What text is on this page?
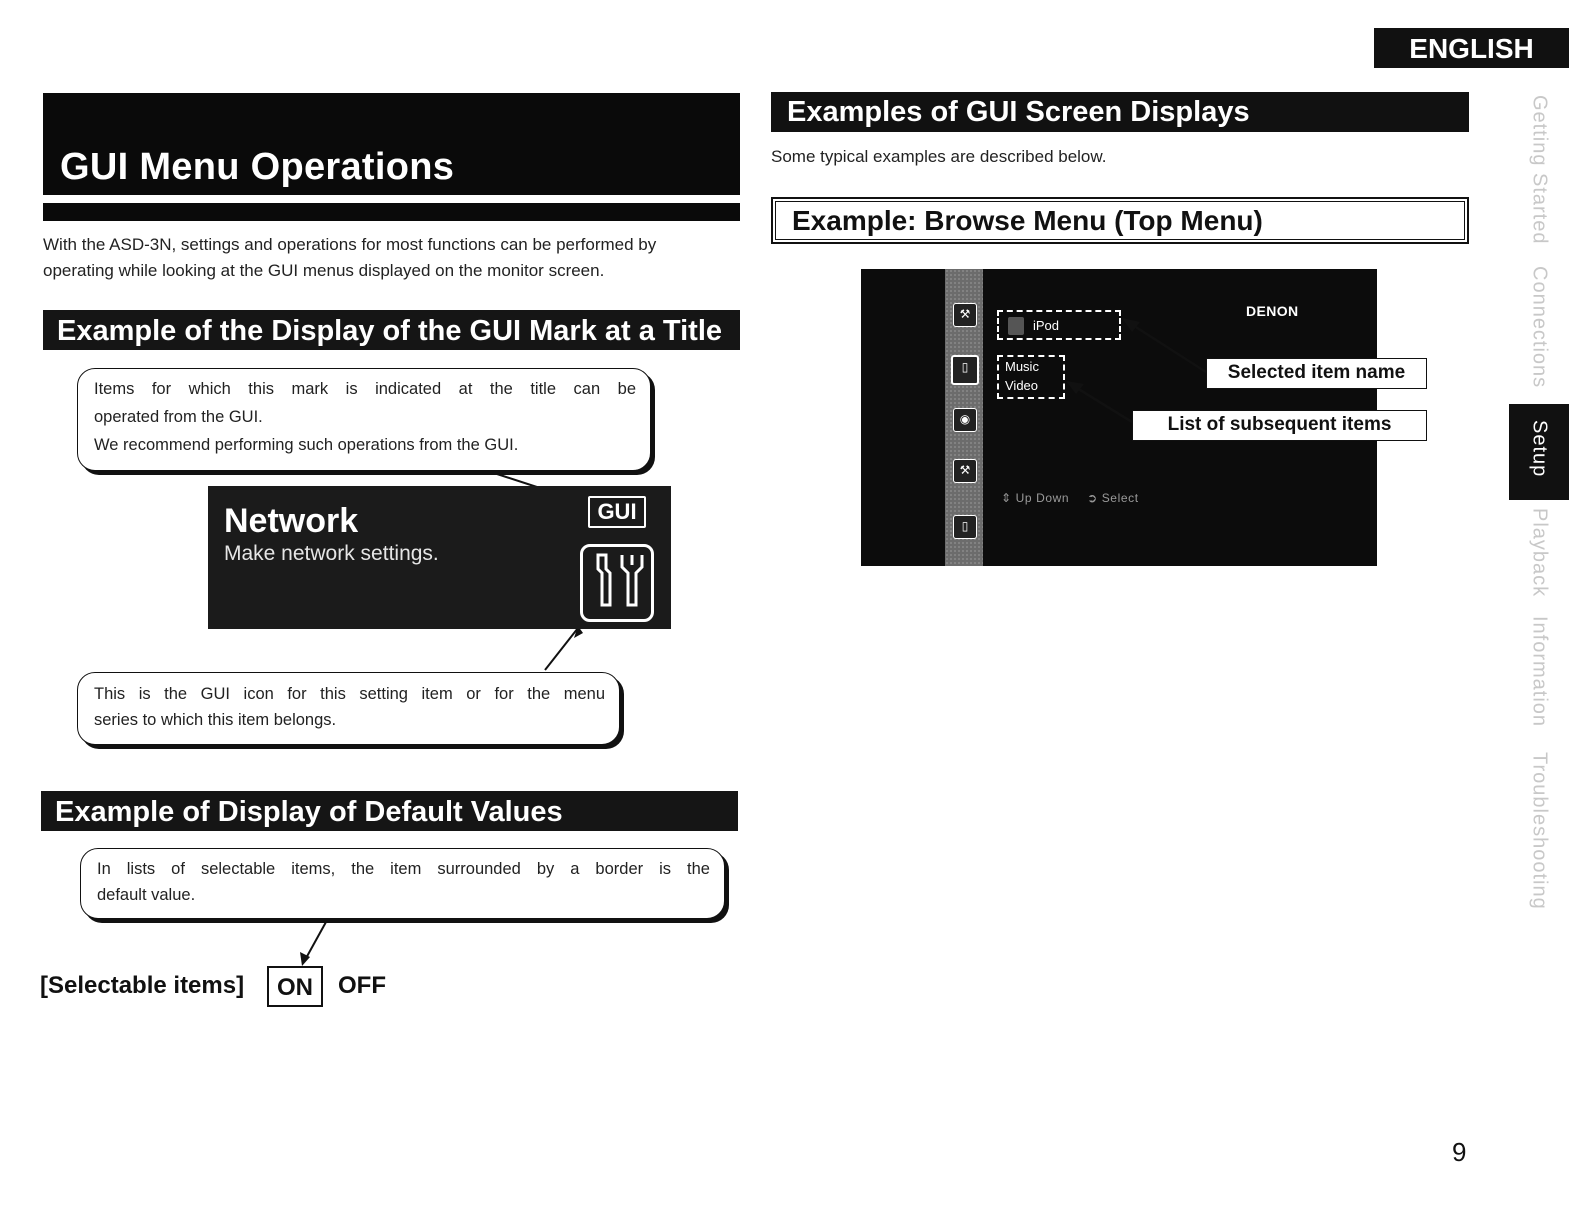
ENGLISH
GUI Menu Operations
With the ASD-3N, settings and operations for most functions can be performed by
operating while looking at the GUI menus displayed on the monitor screen.
Example of the Display of the GUI Mark at a Title
Items for which this mark is indicated at the title can be
operated from the GUI.
We recommend performing such operations from the GUI.
Network
Make network settings.
GUI
This is the GUI icon for this setting item or for the menu
series to which this item belongs.
Example of Display of Default Values
In lists of selectable items, the item surrounded by a border is the
default value.
[Selectable items]	ON	OFF
Examples of GUI Screen Displays
Some typical examples are described below.
Example: Browse Menu (Top Menu)
⚒
▯
◉
⚒
▯
DENON
iPod
Music
Video
⇕ Up Down ➲ Select
Selected item name
List of subsequent items
Getting Started
Connections
Setup
Playback
Information
Troubleshooting
9
